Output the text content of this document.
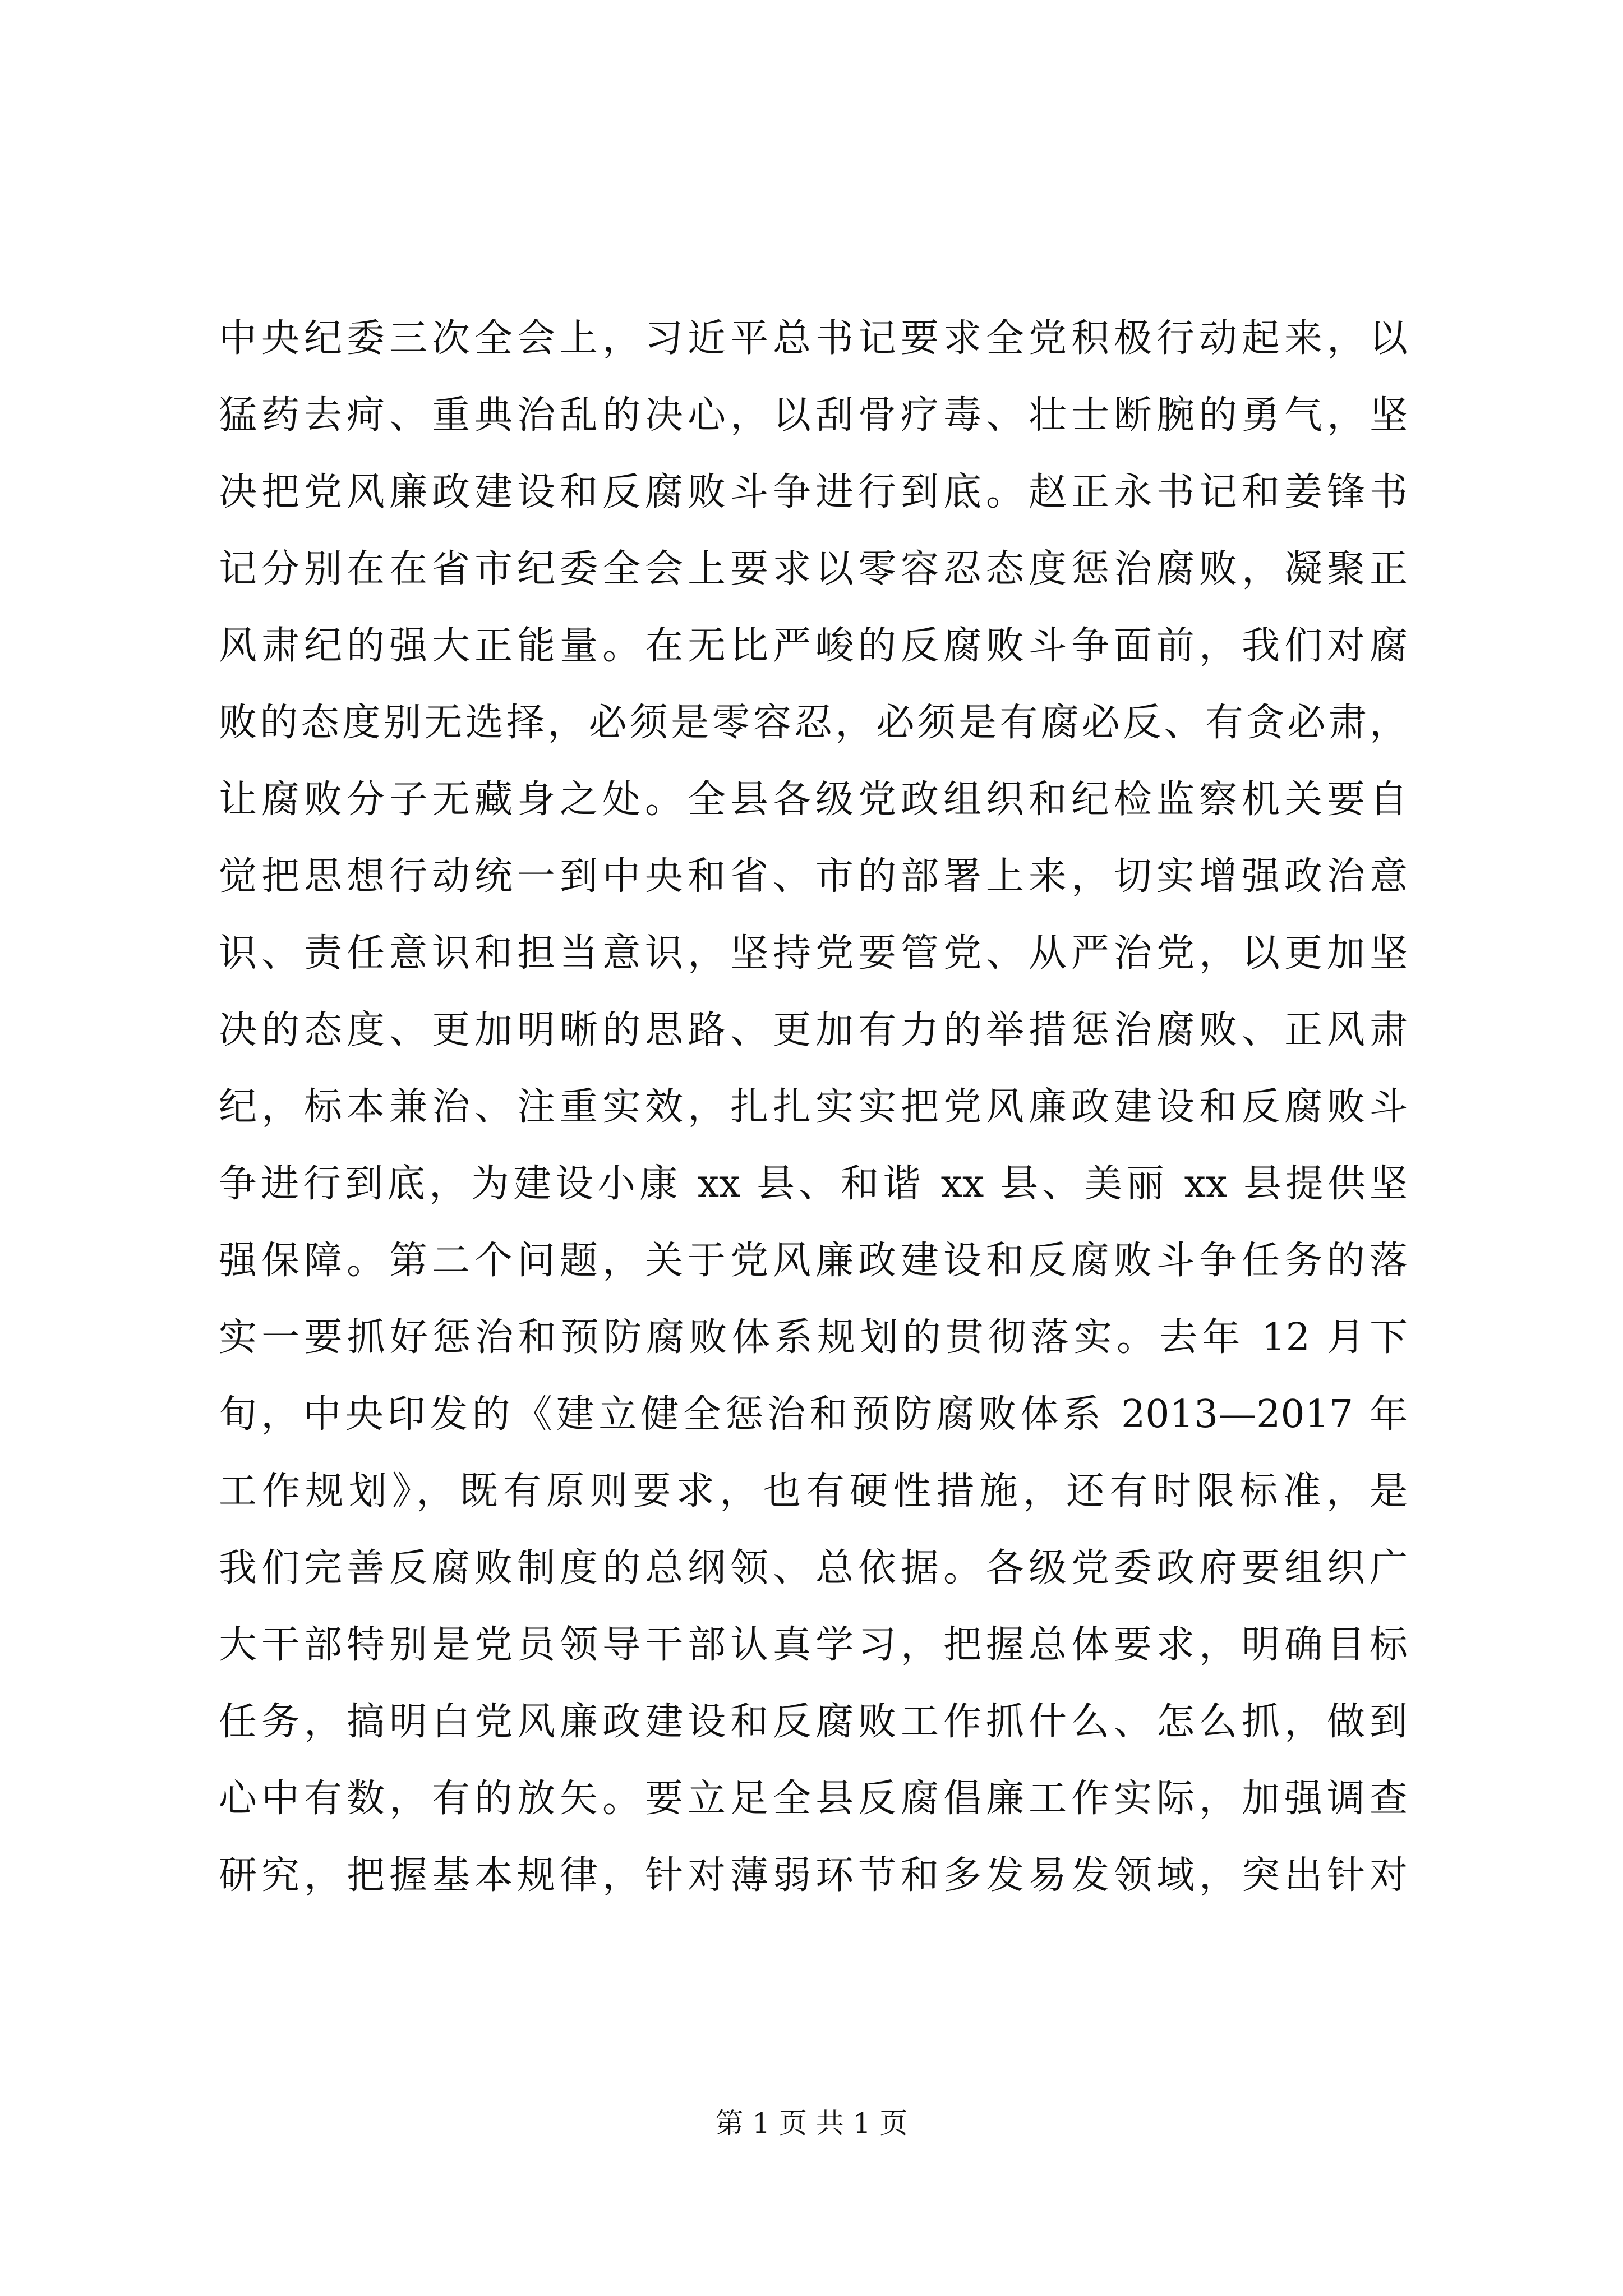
中央纪委三次全会上，习近平总书记要求全党积极行动起来，以
猛药去疴、重典治乱的决心，以刮骨疗毒、壮士断腕的勇气，坚
决把党风廉政建设和反腐败斗争进行到底。赵正永书记和姜锋书
记分别在在省市纪委全会上要求以零容忍态度惩治腐败，凝聚正
风肃纪的强大正能量。在无比严峻的反腐败斗争面前，我们对腐
败的态度别无选择，必须是零容忍，必须是有腐必反、有贪必肃，
让腐败分子无藏身之处。全县各级党政组织和纪检监察机关要自
觉把思想行动统一到中央和省、市的部署上来，切实增强政治意
识、责任意识和担当意识，坚持党要管党、从严治党，以更加坚
决的态度、更加明晰的思路、更加有力的举措惩治腐败、正风肃
纪，标本兼治、注重实效，扎扎实实把党风廉政建设和反腐败斗
争进行到底，为建设小康 xx 县、和谐 xx 县、美丽 xx 县提供坚
强保障。第二个问题，关于党风廉政建设和反腐败斗争任务的落
实一要抓好惩治和预防腐败体系规划的贯彻落实。去年 12 月下
旬，中央印发的《建立健全惩治和预防腐败体系 2013—2017 年
工作规划》，既有原则要求，也有硬性措施，还有时限标准，是
我们完善反腐败制度的总纲领、总依据。各级党委政府要组织广
大干部特别是党员领导干部认真学习，把握总体要求，明确目标
任务，搞明白党风廉政建设和反腐败工作抓什么、怎么抓，做到
心中有数，有的放矢。要立足全县反腐倡廉工作实际，加强调查
研究，把握基本规律，针对薄弱环节和多发易发领域，突出针对
第 1 页 共 1 页
